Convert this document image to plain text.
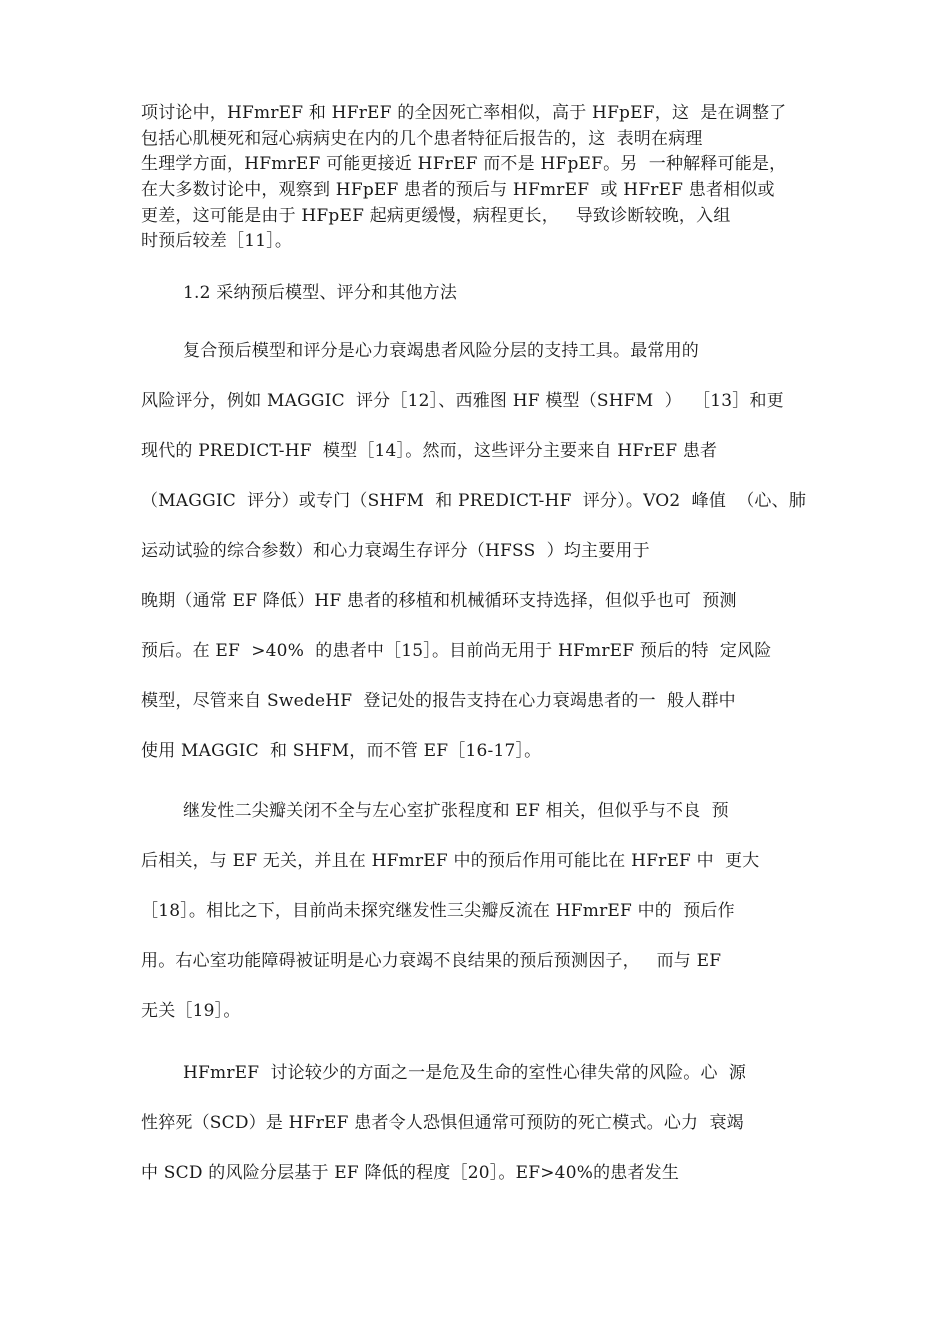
项讨论中，HFmrEF 和 HFrEF 的全因死亡率相似，高于 HFpEF，这  是在调整了
包括心肌梗死和冠心病病史在内的几个患者特征后报告的，这  表明在病理
生理学方面，HFmrEF 可能更接近 HFrEF 而不是 HFpEF。另  一种解释可能是，
在大多数讨论中，观察到 HFpEF 患者的预后与 HFmrEF  或 HFrEF 患者相似或
更差，这可能是由于 HFpEF 起病更缓慢，病程更长，   导致诊断较晚，入组
时预后较差［11］。
1.2 采纳预后模型、评分和其他方法
复合预后模型和评分是心力衰竭患者风险分层的支持工具。最常用的
风险评分，例如 MAGGIC  评分［12］、西雅图 HF 模型（SHFM  ）  ［13］和更
现代的 PREDICT-HF  模型［14］。然而，这些评分主要来自 HFrEF 患者
（MAGGIC  评分）或专门（SHFM  和 PREDICT-HF  评分）。VO2  峰值  （心、肺
运动试验的综合参数）和心力衰竭生存评分（HFSS  ）均主要用于
晚期（通常 EF 降低）HF 患者的移植和机械循环支持选择，但似乎也可  预测
预后。在 EF  >40%  的患者中［15］。目前尚无用于 HFmrEF 预后的特  定风险
模型，尽管来自 SwedeHF  登记处的报告支持在心力衰竭患者的一  般人群中
使用 MAGGIC  和 SHFM，而不管 EF［16-17］。
继发性二尖瓣关闭不全与左心室扩张程度和 EF 相关，但似乎与不良  预
后相关，与 EF 无关，并且在 HFmrEF 中的预后作用可能比在 HFrEF 中  更大
［18］。相比之下，目前尚未探究继发性三尖瓣反流在 HFmrEF 中的  预后作
用。右心室功能障碍被证明是心力衰竭不良结果的预后预测因子，   而与 EF
无关［19］。
HFmrEF  讨论较少的方面之一是危及生命的室性心律失常的风险。心  源
性猝死（SCD）是 HFrEF 患者令人恐惧但通常可预防的死亡模式。心力  衰竭
中 SCD 的风险分层基于 EF 降低的程度［20］。EF>40%的患者发生
